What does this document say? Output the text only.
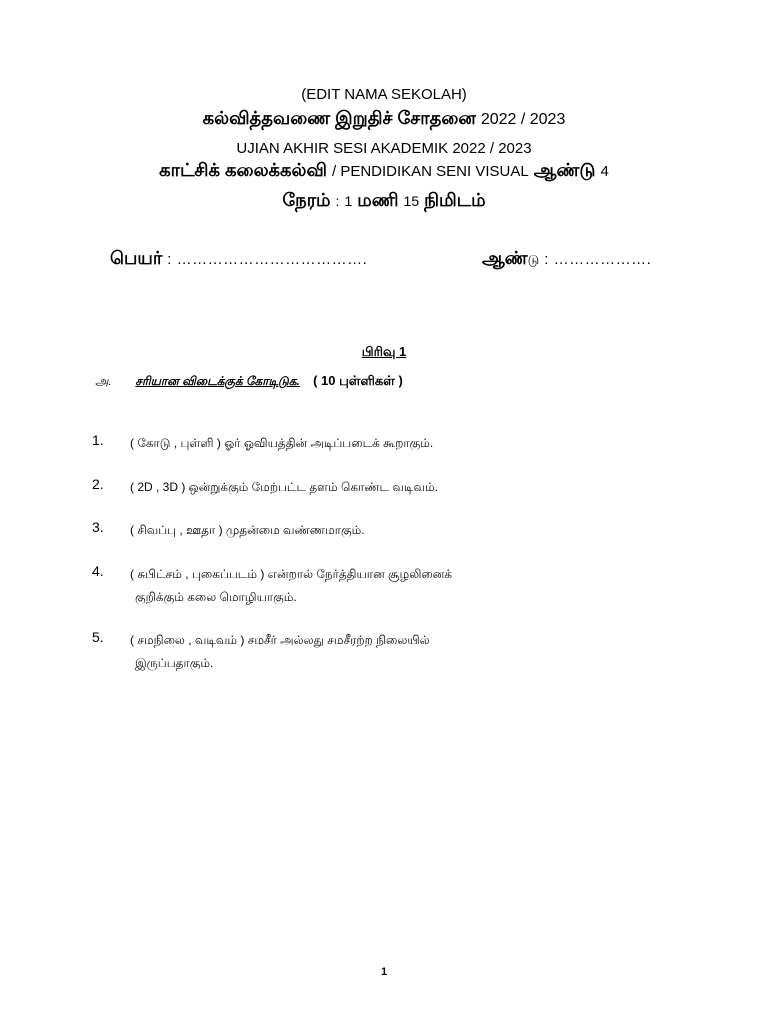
(EDIT NAMA SEKOLAH)
கல்வித்தவணை இறுதிச் சோதனை 2022 / 2023
UJIAN AKHIR SESI AKADEMIK 2022 / 2023
காட்சிக் கலைக்கல்வி / PENDIDIKAN SENI VISUAL ஆண்டு 4
நேரம் : 1 மணி 15 நிமிடம்
பெயர் : ……………………………….	ஆண்டு : ……………….
பிரிவு 1
அ. சரியான விடைக்குக் கோடிடுக. ( 10 புள்ளிகள் )
1. ( கோடு , புள்ளி ) ஓர் ஓவியத்தின் அடிப்படைக் கூறாகும்.
2. ( 2D , 3D ) ஒன்றுக்கும் மேற்பட்ட தளம் கொண்ட வடிவம்.
3. ( சிவப்பு , ஊதா ) முதன்மை வண்ணமாகும்.
4. ( சுபிட்சம் , புகைப்படம் ) என்றால் நேர்த்தியான சூழலினைக்
குறிக்கும் கலை மொழியாகும்.
5. ( சமநிலை , வடிவம் ) சமசீர் அல்லது சமசீரற்ற நிலையில்
இருப்பதாகும்.
1
